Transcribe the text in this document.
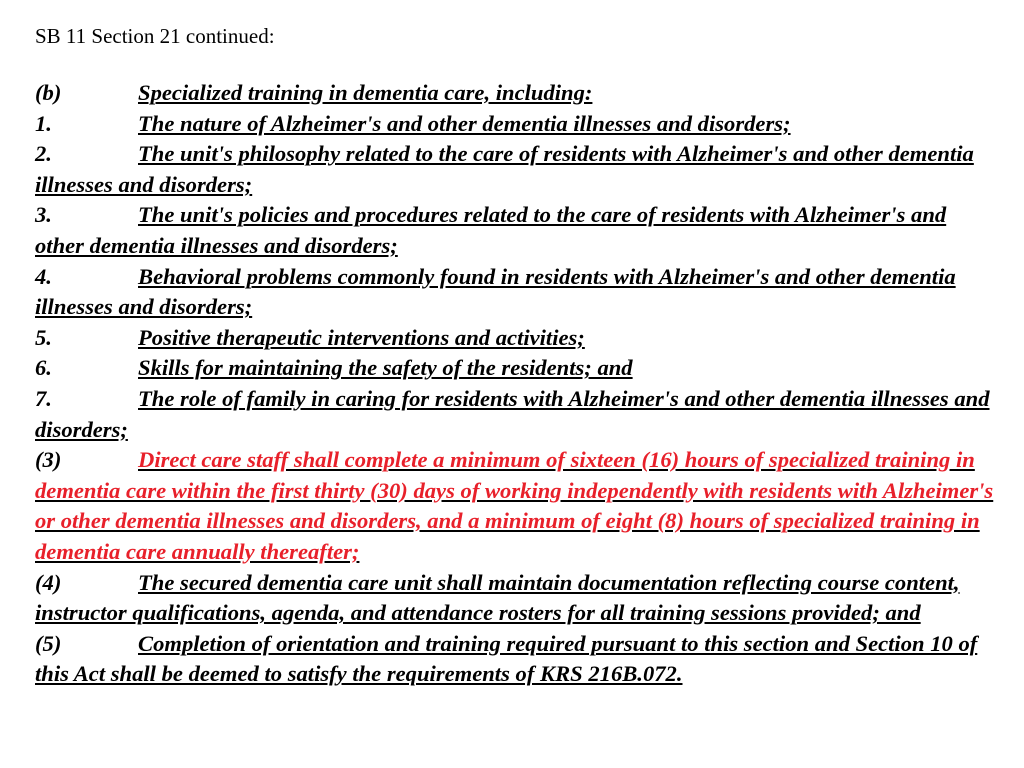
SB 11 Section 21 continued:

(b)	Specialized training in dementia care, including:

1.	The nature of Alzheimer's and other dementia illnesses and disorders;

2.	The unit's philosophy related to the care of residents with Alzheimer's and other dementia illnesses and disorders;

3.	The unit's policies and procedures related to the care of residents with Alzheimer's and other dementia illnesses and disorders;

4.	Behavioral problems commonly found in residents with Alzheimer's and other dementia illnesses and disorders;

5.	Positive therapeutic interventions and activities;

6.	Skills for maintaining the safety of the residents; and

7.	The role of family in caring for residents with Alzheimer's and other dementia illnesses and disorders;

(3)	Direct care staff shall complete a minimum of sixteen (16) hours of specialized training in dementia care within the first thirty (30) days of working independently with residents with Alzheimer's or other dementia illnesses and disorders, and a minimum of eight (8) hours of specialized training in dementia care annually thereafter;

(4)	The secured dementia care unit shall maintain documentation reflecting course content, instructor qualifications, agenda, and attendance rosters for all training sessions provided; and

(5)	Completion of orientation and training required pursuant to this section and Section 10 of this Act shall be deemed to satisfy the requirements of KRS 216B.072.
